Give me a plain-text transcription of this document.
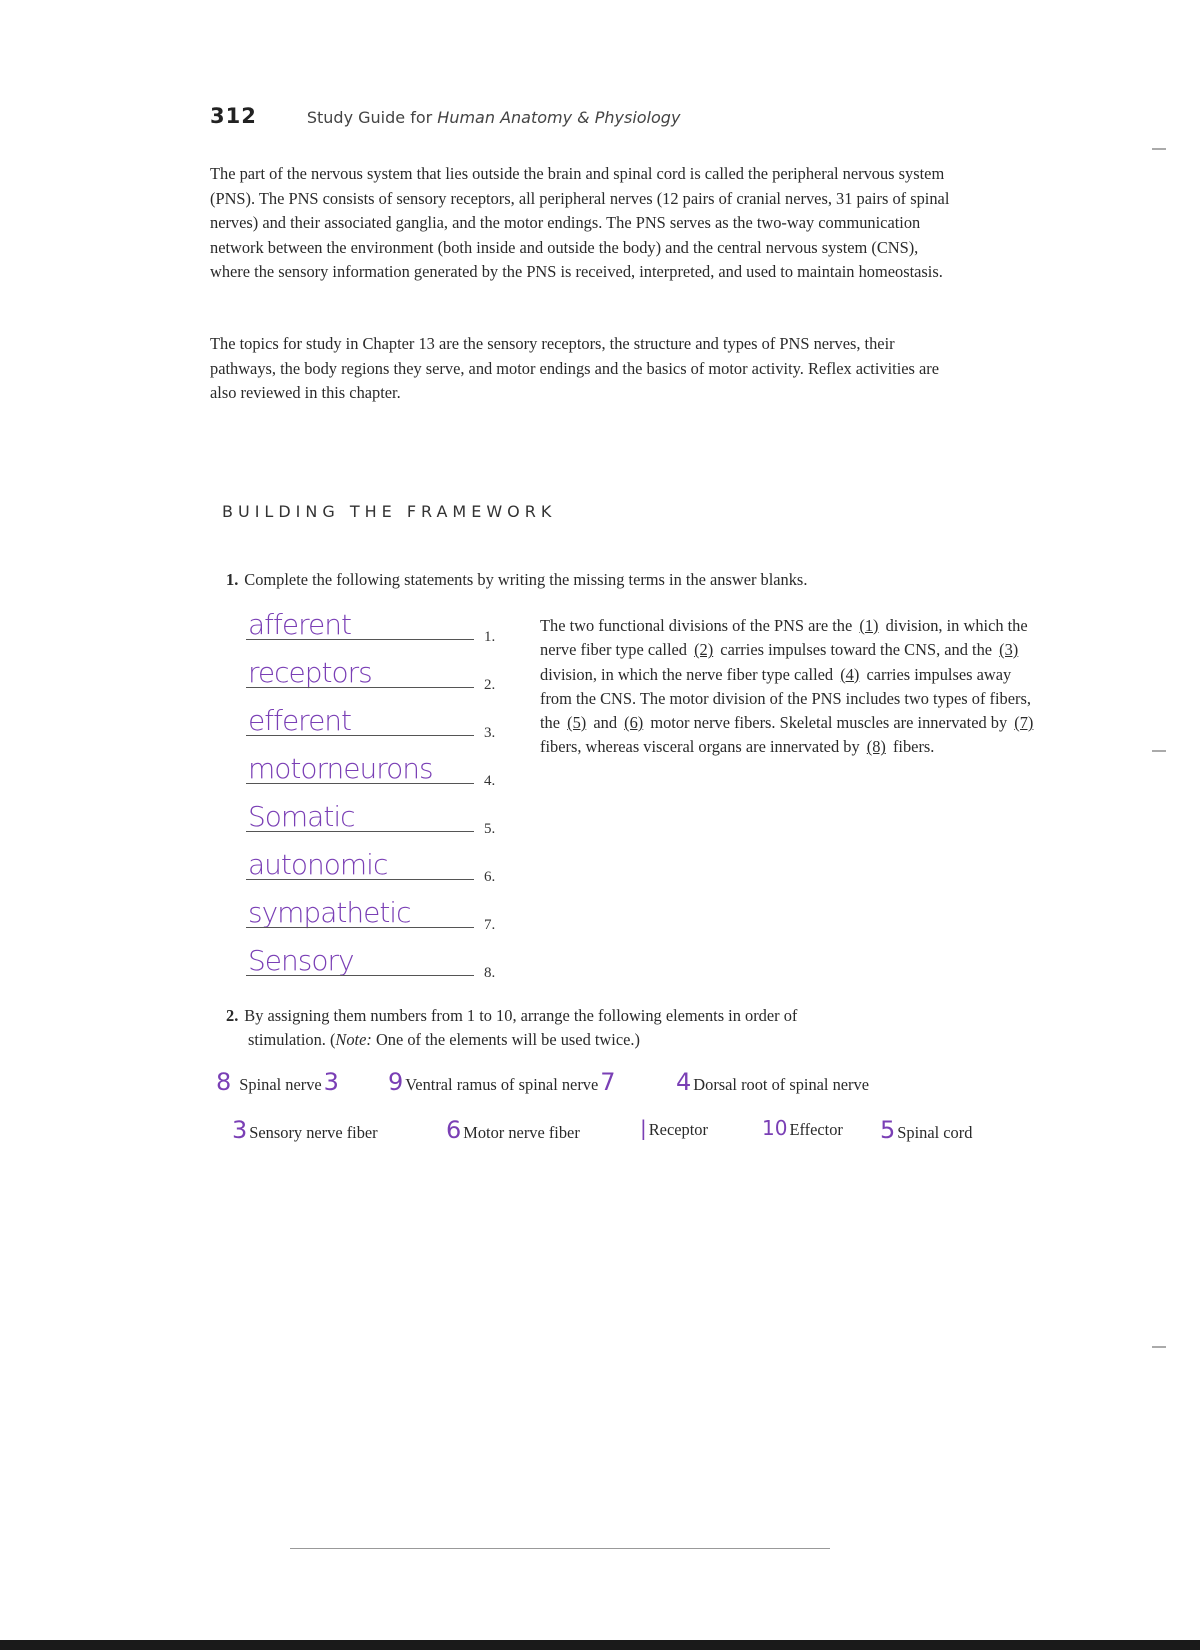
312	Study Guide for Human Anatomy & Physiology

The part of the nervous system that lies outside the brain and spinal cord is called the peripheral nervous system (PNS). The PNS consists of sensory receptors, all peripheral nerves (12 pairs of cranial nerves, 31 pairs of spinal nerves) and their associated ganglia, and the motor endings. The PNS serves as the two-way communication network between the environment (both inside and outside the body) and the central nervous system (CNS), where the sensory information generated by the PNS is received, interpreted, and used to maintain homeostasis.

The topics for study in Chapter 13 are the sensory receptors, the structure and types of PNS nerves, their pathways, the body regions they serve, and motor endings and the basics of motor activity. Reflex activities are also reviewed in this chapter.

BUILDING THE FRAMEWORK
1. Complete the following statements by writing the missing terms in the answer blanks.
afferent	1.
receptors	2.
efferent	3.
motorneurons	4.
Somatic	5.
autonomic	6.
sympathetic	7.
Sensory	8.

The two functional divisions of the PNS are the (1) division, in which the nerve fiber type called (2) carries impulses toward the CNS, and the (3) division, in which the nerve fiber type called (4) carries impulses away from the CNS. The motor division of the PNS includes two types of fibers, the (5) and (6) motor nerve fibers. Skeletal muscles are innervated by (7) fibers, whereas visceral organs are innervated by (8) fibers.

2. By assigning them numbers from 1 to 10, arrange the following elements in order of
stimulation. (Note: One of the elements will be used twice.)
8 Spinal nerve 3 9 Ventral ramus of spinal nerve 7	4 Dorsal root of spinal nerve
3 Sensory nerve fiber	6 Motor nerve fiber	| Receptor	10 Effector 5 Spinal cord
